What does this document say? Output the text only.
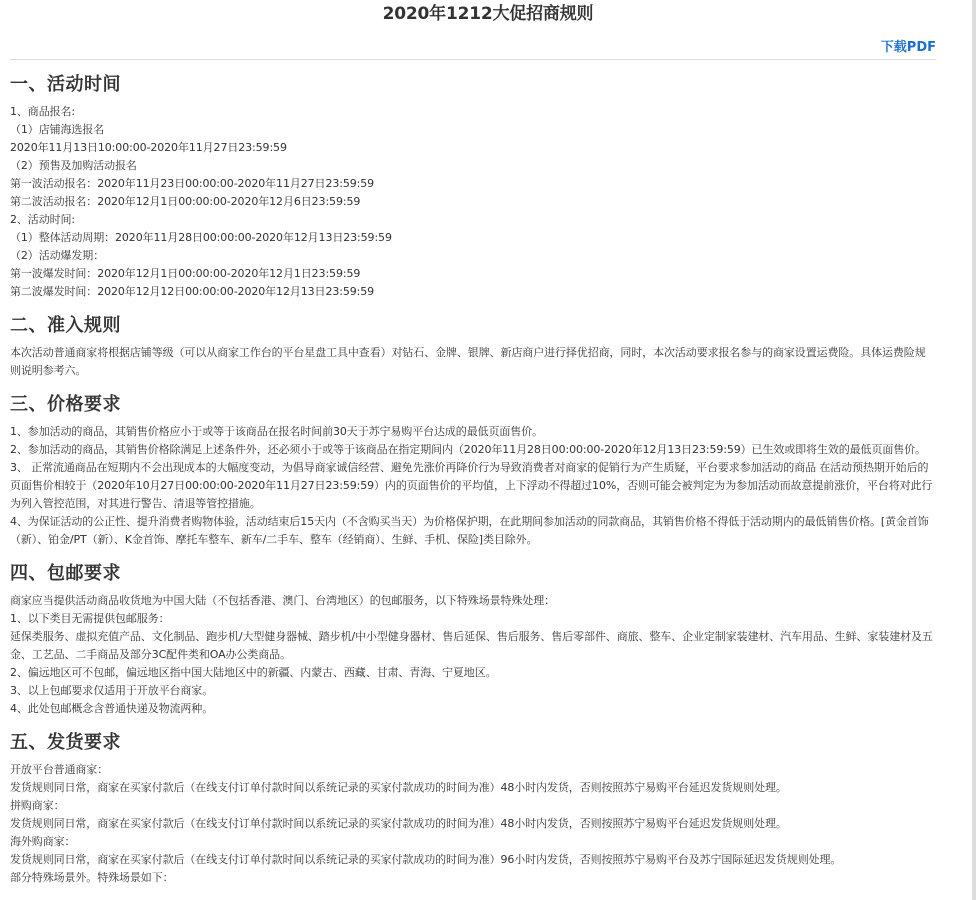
2020年1212大促招商规则
下载PDF
一、活动时间

1、商品报名:

（1）店铺海选报名

2020年11月13日10:00:00-2020年11月27日23:59:59

（2）预售及加购活动报名

第一波活动报名：2020年11月23日00:00:00-2020年11月27日23:59:59

第二波活动报名：2020年12月1日00:00:00-2020年12月6日23:59:59

2、活动时间:

（1）整体活动周期：2020年11月28日00:00:00-2020年12月13日23:59:59

（2）活动爆发期：

第一波爆发时间：2020年12月1日00:00:00-2020年12月1日23:59:59

第二波爆发时间：2020年12月12日00:00:00-2020年12月13日23:59:59

二、准入规则

本次活动普通商家将根据店铺等级（可以从商家工作台的平台星盘工具中查看）对钻石、金牌、银牌、新店商户进行择优招商，同时，本次活动要求报名参与的商家设置运费险。具体运费险规则说明参考六。

三、价格要求

1、参加活动的商品，其销售价格应小于或等于该商品在报名时间前30天于苏宁易购平台达成的最低页面售价。

2、参加活动的商品，其销售价格除满足上述条件外，还必须小于或等于该商品在指定期间内（2020年11月28日00:00:00-2020年12月13日23:59:59）已生效或即将生效的最低页面售价。

3、 正常流通商品在短期内不会出现成本的大幅度变动，为倡导商家诚信经营、避免先涨价再降价行为导致消费者对商家的促销行为产生质疑，平台要求参加活动的商品 在活动预热期开始后的页面售价相较于（2020年10月27日00:00:00-2020年11月27日23:59:59）内的页面售价的平均值，上下浮动不得超过10%，否则可能会被判定为为参加活动而故意提前涨价，平台将对此行为列入管控范围，对其进行警告、清退等管控措施。

4、为保证活动的公正性、提升消费者购物体验，活动结束后15天内（不含购买当天）为价格保护期，在此期间参加活动的同款商品，其销售价格不得低于活动期内的最低销售价格。[黄金首饰（新）、铂金/PT（新）、K金首饰、摩托车整车、新车/二手车、整车（经销商）、生鲜、手机、保险]类目除外。

四、包邮要求

商家应当提供活动商品收货地为中国大陆（不包括香港、澳门、台湾地区）的包邮服务，以下特殊场景特殊处理：

1、以下类目无需提供包邮服务：

延保类服务、虚拟充值产品、文化制品、跑步机/大型健身器械、踏步机/中小型健身器材、售后延保、售后服务、售后零部件、商旅、整车、企业定制家装建材、汽车用品、生鲜、家装建材及五金、工艺品、二手商品及部分3C配件类和OA办公类商品。

2、偏远地区可不包邮，偏远地区指中国大陆地区中的新疆、内蒙古、西藏、甘肃、青海、宁夏地区。

3、以上包邮要求仅适用于开放平台商家。

4、此处包邮概念含普通快递及物流两种。

五、发货要求

开放平台普通商家：

发货规则同日常，商家在买家付款后（在线支付订单付款时间以系统记录的买家付款成功的时间为准）48小时内发货，否则按照苏宁易购平台延迟发货规则处理。

拼购商家：

发货规则同日常，商家在买家付款后（在线支付订单付款时间以系统记录的买家付款成功的时间为准）48小时内发货，否则按照苏宁易购平台延迟发货规则处理。

海外购商家：

发货规则同日常，商家在买家付款后（在线支付订单付款时间以系统记录的买家付款成功的时间为准）96小时内发货，否则按照苏宁易购平台及苏宁国际延迟发货规则处理。

部分特殊场景外。特殊场景如下：
